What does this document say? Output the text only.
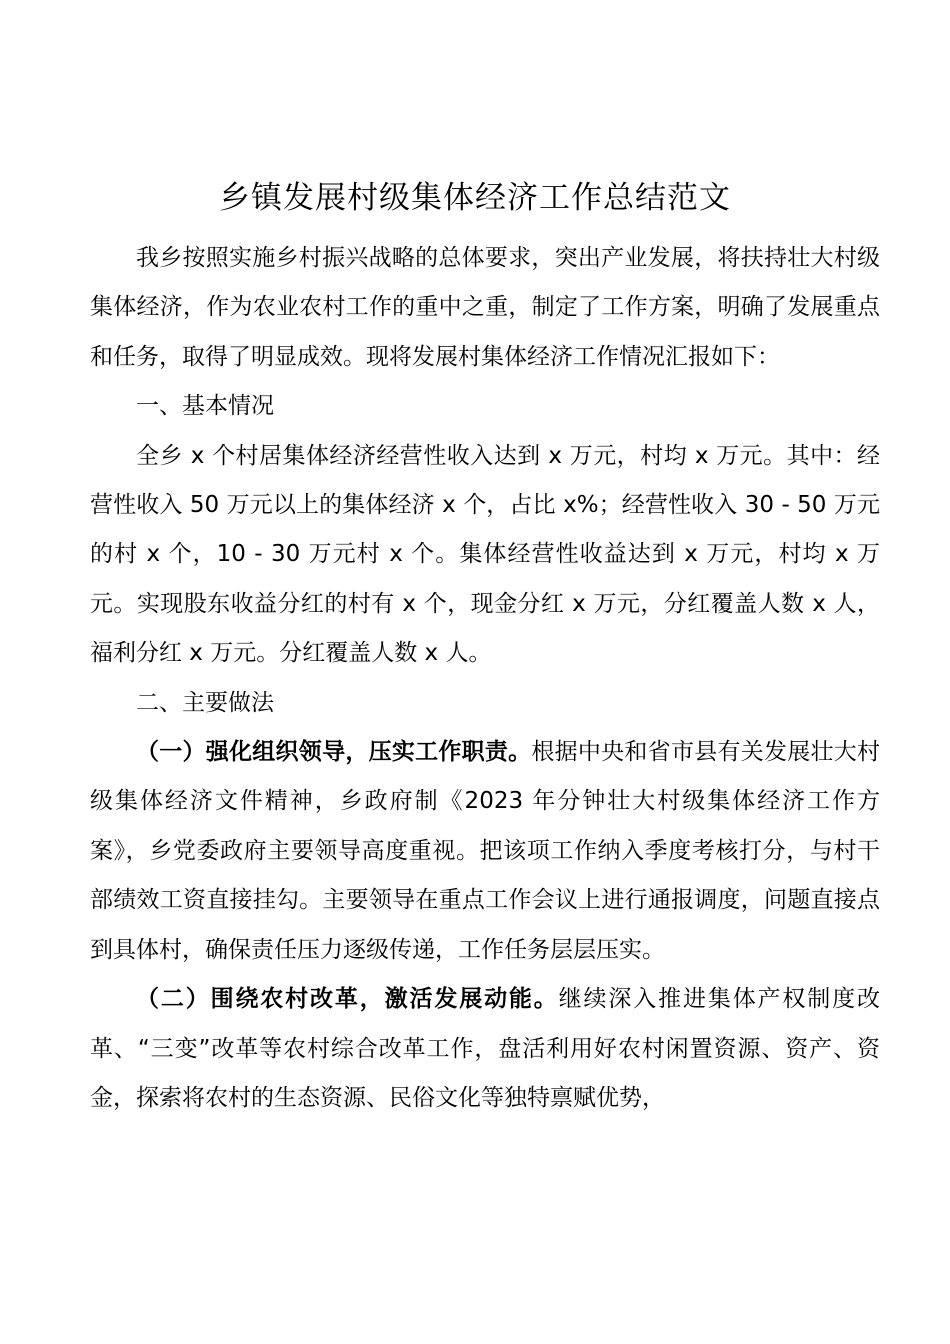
乡镇发展村级集体经济工作总结范文

我乡按照实施乡村振兴战略的总体要求，突出产业发展，将扶持壮大村级集体经济，作为农业农村工作的重中之重，制定了工作方案，明确了发展重点和任务，取得了明显成效。现将发展村集体经济工作情况汇报如下：

一、基本情况

全乡 x 个村居集体经济经营性收入达到 x 万元，村均 x 万元。其中：经营性收入 50 万元以上的集体经济 x 个，占比 x%；经营性收入 30 - 50 万元的村 x 个，10 - 30 万元村 x 个。集体经营性收益达到 x 万元，村均 x 万元。实现股东收益分红的村有 x 个，现金分红 x 万元，分红覆盖人数 x 人，福利分红 x 万元。分红覆盖人数 x 人。

二、主要做法

（一）强化组织领导，压实工作职责。根据中央和省市县有关发展壮大村级集体经济文件精神，乡政府制《2023 年分钟壮大村级集体经济工作方案》，乡党委政府主要领导高度重视。把该项工作纳入季度考核打分，与村干部绩效工资直接挂勾。主要领导在重点工作会议上进行通报调度，问题直接点到具体村，确保责任压力逐级传递，工作任务层层压实。

（二）围绕农村改革，激活发展动能。继续深入推进集体产权制度改革、“三变”改革等农村综合改革工作，盘活利用好农村闲置资源、资产、资金，探索将农村的生态资源、民俗文化等独特禀赋优势，
